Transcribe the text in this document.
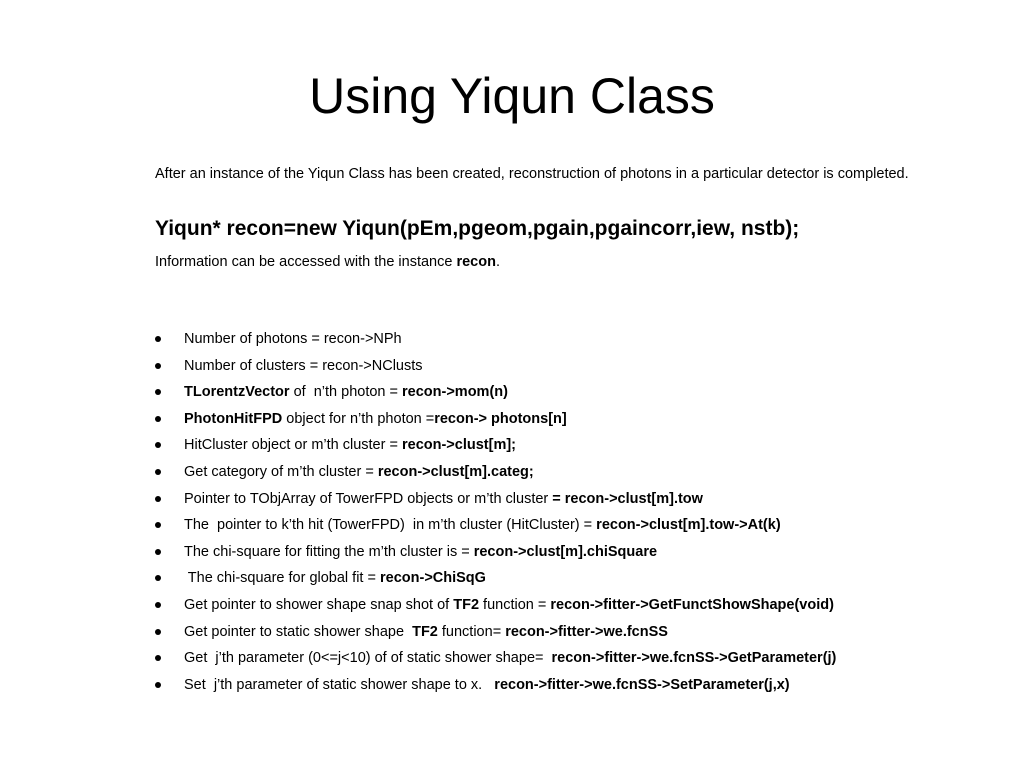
Using Yiqun Class
After an instance of the Yiqun Class has been created, reconstruction of photons in a particular detector is completed.
Yiqun* recon=new Yiqun(pEm,pgeom,pgain,pgaincorr,iew, nstb);
Information can be accessed with the instance recon.
Number of photons = recon->NPh
Number of clusters = recon->NClusts
TLorentzVector of  n’th photon = recon->mom(n)
PhotonHitFPD object for n’th photon =recon-> photons[n]
HitCluster object or m’th cluster = recon->clust[m];
Get category of m’th cluster = recon->clust[m].categ;
Pointer to TObjArray of TowerFPD objects or m’th cluster = recon->clust[m].tow
The  pointer to k’th hit (TowerFPD)  in m’th cluster (HitCluster) = recon->clust[m].tow->At(k)
The chi-square for fitting the m’th cluster is = recon->clust[m].chiSquare
The chi-square for global fit = recon->ChiSqG
Get pointer to shower shape snap shot of TF2 function = recon->fitter->GetFunctShowShape(void)
Get pointer to static shower shape  TF2 function= recon->fitter->we.fcnSS
Get  j’th parameter (0<=j<10) of of static shower shape=  recon->fitter->we.fcnSS->GetParameter(j)
Set  j’th parameter of static shower shape to x.   recon->fitter->we.fcnSS->SetParameter(j,x)
